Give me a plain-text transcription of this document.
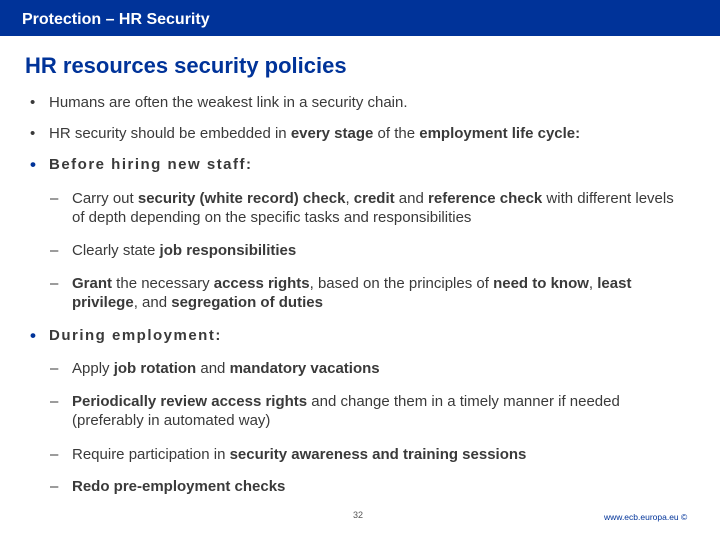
Protection – HR Security
HR resources security policies
• Humans are often the weakest link in a security chain.
• HR security should be embedded in every stage of the employment life cycle:
• Before hiring new staff:
– Carry out security (white record) check, credit and reference check with different levels of depth depending on the specific tasks and responsibilities
– Clearly state job responsibilities
– Grant the necessary access rights, based on the principles of need to know, least privilege, and segregation of duties
• During employment:
– Apply job rotation and mandatory vacations
– Periodically review access rights and change them in a timely manner if needed (preferably in automated way)
– Require participation in security awareness and training sessions
– Redo pre-employment checks
32	www.ecb.europa.eu ©
